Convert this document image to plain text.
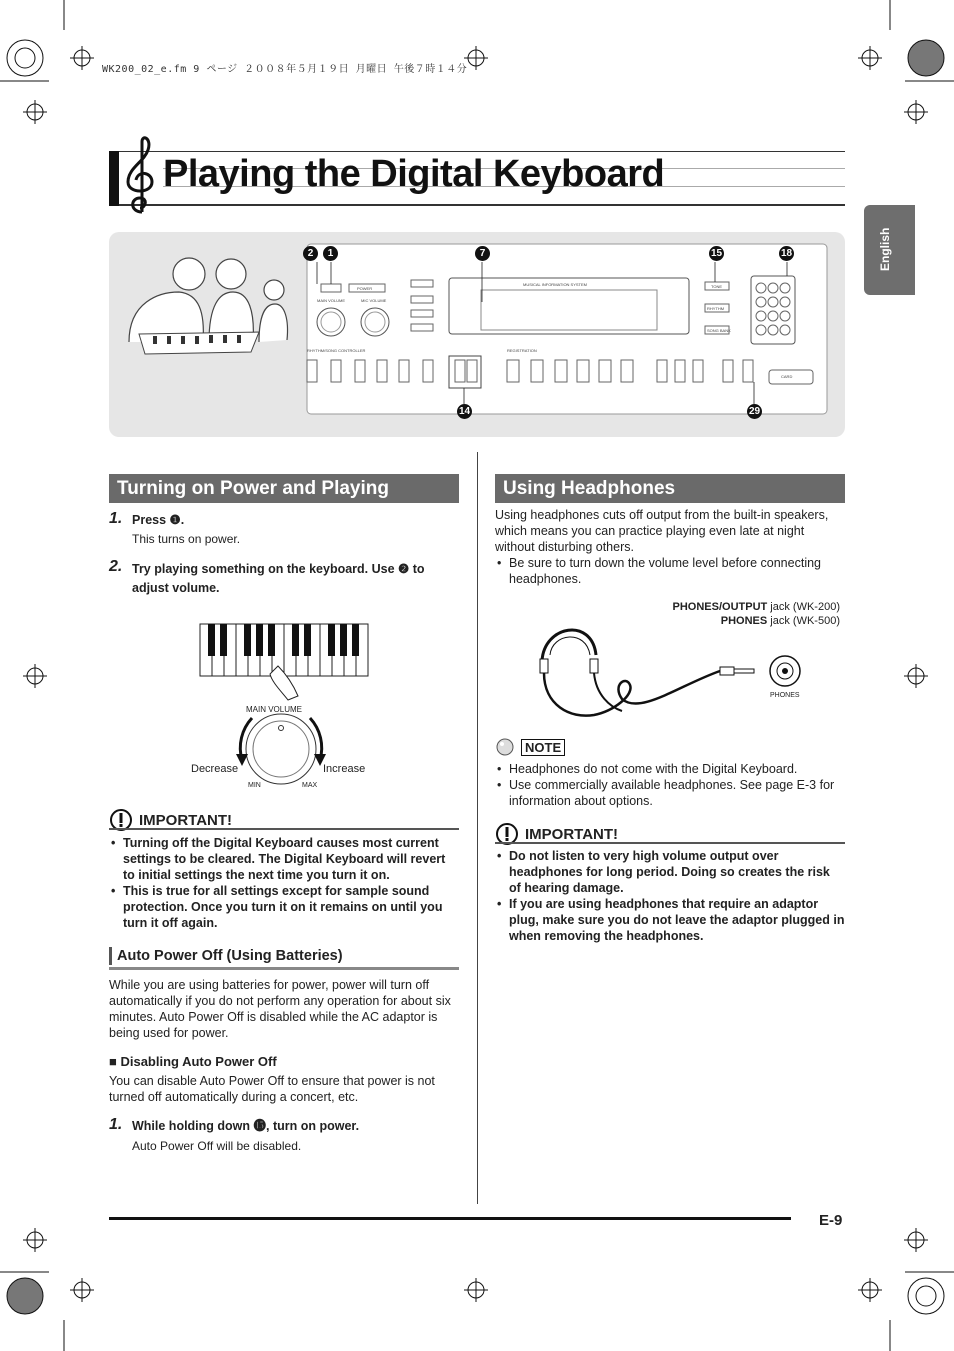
WK200_02_e.fm 9 ページ ２００８年５月１９日 月曜日 午後７時１４分
Playing the Digital Keyboard
English
2	1	7	15	18
14	29
POWER
MAIN VOLUME	MIC VOLUME
MUSICAL INFORMATION SYSTEM	TONE
RHYTHM
SONG BANK
RHYTHM/SONG CONTROLLER	REGISTRATION
CARD
Turning on Power and Playing
1. Press ❶.
This turns on power.
2. Try playing something on the keyboard. Use ❷ to adjust volume.
MAIN VOLUME
Decrease	Increase
MIN	MAX
IMPORTANT!
• Turning off the Digital Keyboard causes most current settings to be cleared. The Digital Keyboard will revert to initial settings the next time you turn it on.
• This is true for all settings except for sample sound protection. Once you turn it on it remains on until you turn it off again.
Auto Power Off (Using Batteries)
While you are using batteries for power, power will turn off automatically if you do not perform any operation for about six minutes. Auto Power Off is disabled while the AC adaptor is being used for power.
■ Disabling Auto Power Off
You can disable Auto Power Off to ensure that power is not turned off automatically during a concert, etc.
1. While holding down ⓯, turn on power.
Auto Power Off will be disabled.
Using Headphones
Using headphones cuts off output from the built-in speakers, which means you can practice playing even late at night without disturbing others.
• Be sure to turn down the volume level before connecting headphones.
PHONES/OUTPUT jack (WK-200)
PHONES jack (WK-500)
PHONES
NOTE
• Headphones do not come with the Digital Keyboard.
• Use commercially available headphones. See page E-3 for information about options.
IMPORTANT!
• Do not listen to very high volume output over headphones for long period. Doing so creates the risk of hearing damage.
• If you are using headphones that require an adaptor plug, make sure you do not leave the adaptor plugged in when removing the headphones.
E-9
